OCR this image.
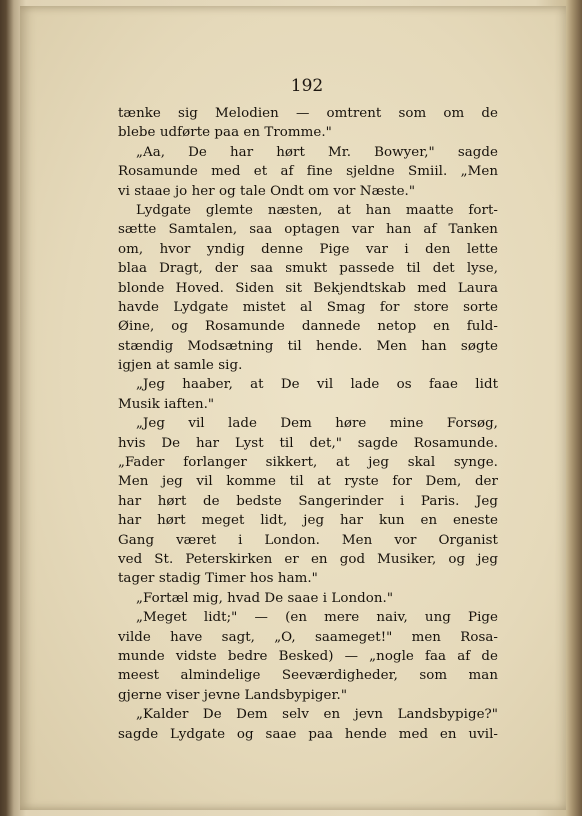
192
tænke sig Melodien — omtrent som om de
blebe udførte paa en Tromme."
„Aa, De har hørt Mr. Bowyer," sagde
Rosamunde med et af fine sjeldne Smiil. „Men
vi staae jo her og tale Ondt om vor Næste."
Lydgate glemte næsten, at han maatte fort-
sætte Samtalen, saa optagen var han af Tanken
om, hvor yndig denne Pige var i den lette
blaa Dragt, der saa smukt passede til det lyse,
blonde Hoved. Siden sit Bekjendtskab med Laura
havde Lydgate mistet al Smag for store sorte
Øine, og Rosamunde dannede netop en fuld-
stændig Modsætning til hende. Men han søgte
igjen at samle sig.
„Jeg haaber, at De vil lade os faae lidt
Musik iaften."
„Jeg vil lade Dem høre mine Forsøg,
hvis De har Lyst til det," sagde Rosamunde.
„Fader forlanger sikkert, at jeg skal synge.
Men jeg vil komme til at ryste for Dem, der
har hørt de bedste Sangerinder i Paris. Jeg
har hørt meget lidt, jeg har kun en eneste
Gang været i London. Men vor Organist
ved St. Peterskirken er en god Musiker, og jeg
tager stadig Timer hos ham."
„Fortæl mig, hvad De saae i London."
„Meget lidt;" — (en mere naiv, ung Pige
vilde have sagt, „O, saameget!" men Rosa-
munde vidste bedre Besked) — „nogle faa af de
meest almindelige Seeværdigheder, som man
gjerne viser jevne Landsbypiger."
„Kalder De Dem selv en jevn Landsbypige?"
sagde Lydgate og saae paa hende med en uvil-
